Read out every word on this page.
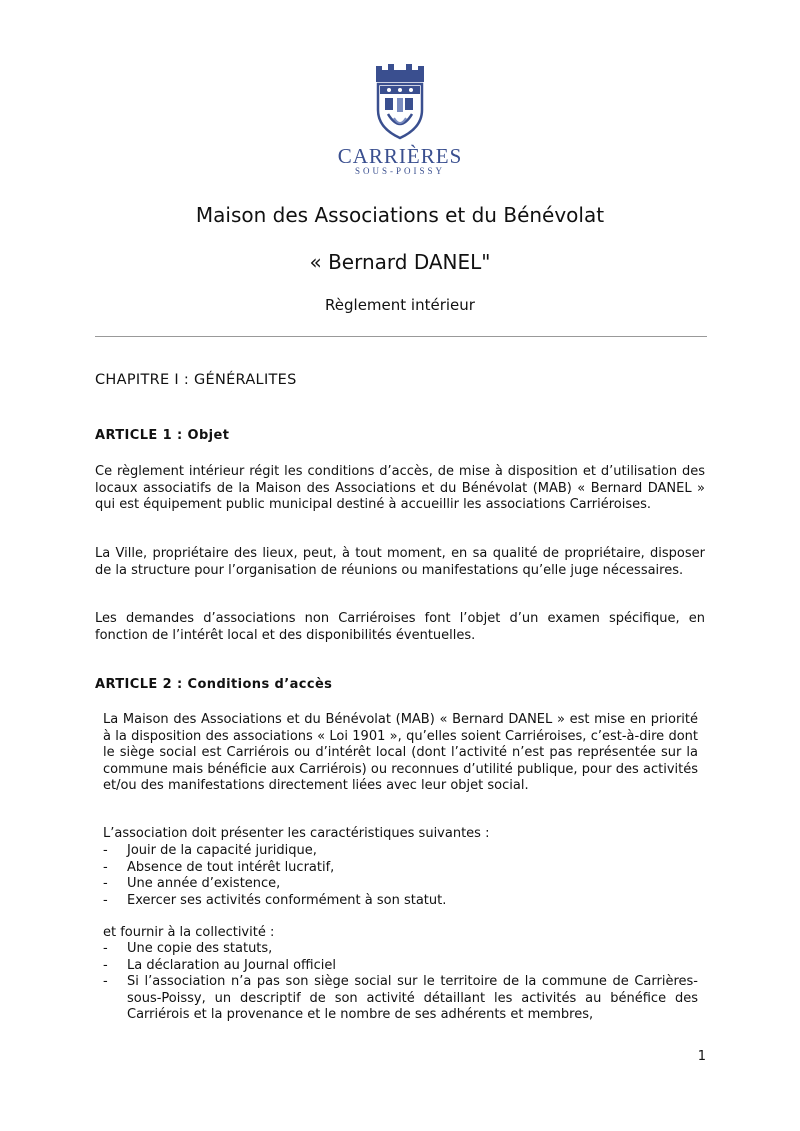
CARRIÈRES
SOUS-POISSY
Maison des Associations et du Bénévolat
« Bernard DANEL"
Règlement intérieur
CHAPITRE I : GÉNÉRALITES
ARTICLE 1 : Objet

Ce règlement intérieur régit les conditions d’accès, de mise à disposition et d’utilisation des locaux associatifs de la Maison des Associations et du Bénévolat (MAB) « Bernard DANEL » qui est équipement public municipal destiné à accueillir les associations Carriéroises.

La Ville, propriétaire des lieux, peut, à tout moment, en sa qualité de propriétaire, disposer de la structure pour l’organisation de réunions ou manifestations qu’elle juge nécessaires.

Les demandes d’associations non Carriéroises font l’objet d’un examen spécifique, en fonction de l’intérêt local et des disponibilités éventuelles.

ARTICLE 2 : Conditions d’accès

La Maison des Associations et du Bénévolat (MAB) « Bernard DANEL » est mise en priorité à la disposition des associations « Loi 1901 », qu’elles soient Carriéroises, c’est-à-dire dont le siège social est Carriérois ou d’intérêt local (dont l’activité n’est pas représentée sur la commune mais bénéficie aux Carriérois) ou reconnues d’utilité publique, pour des activités et/ou des manifestations directement liées avec leur objet social.

L’association doit présenter les caractéristiques suivantes :

- Jouir de la capacité juridique,
- Absence de tout intérêt lucratif,
- Une année d’existence,
- Exercer ses activités conformément à son statut.

et fournir à la collectivité :

- Une copie des statuts,
- La déclaration au Journal officiel
- Si l’association n’a pas son siège social sur le territoire de la commune de Carrières-sous-Poissy, un descriptif de son activité détaillant les activités au bénéfice des Carriérois et la provenance et le nombre de ses adhérents et membres,
1
